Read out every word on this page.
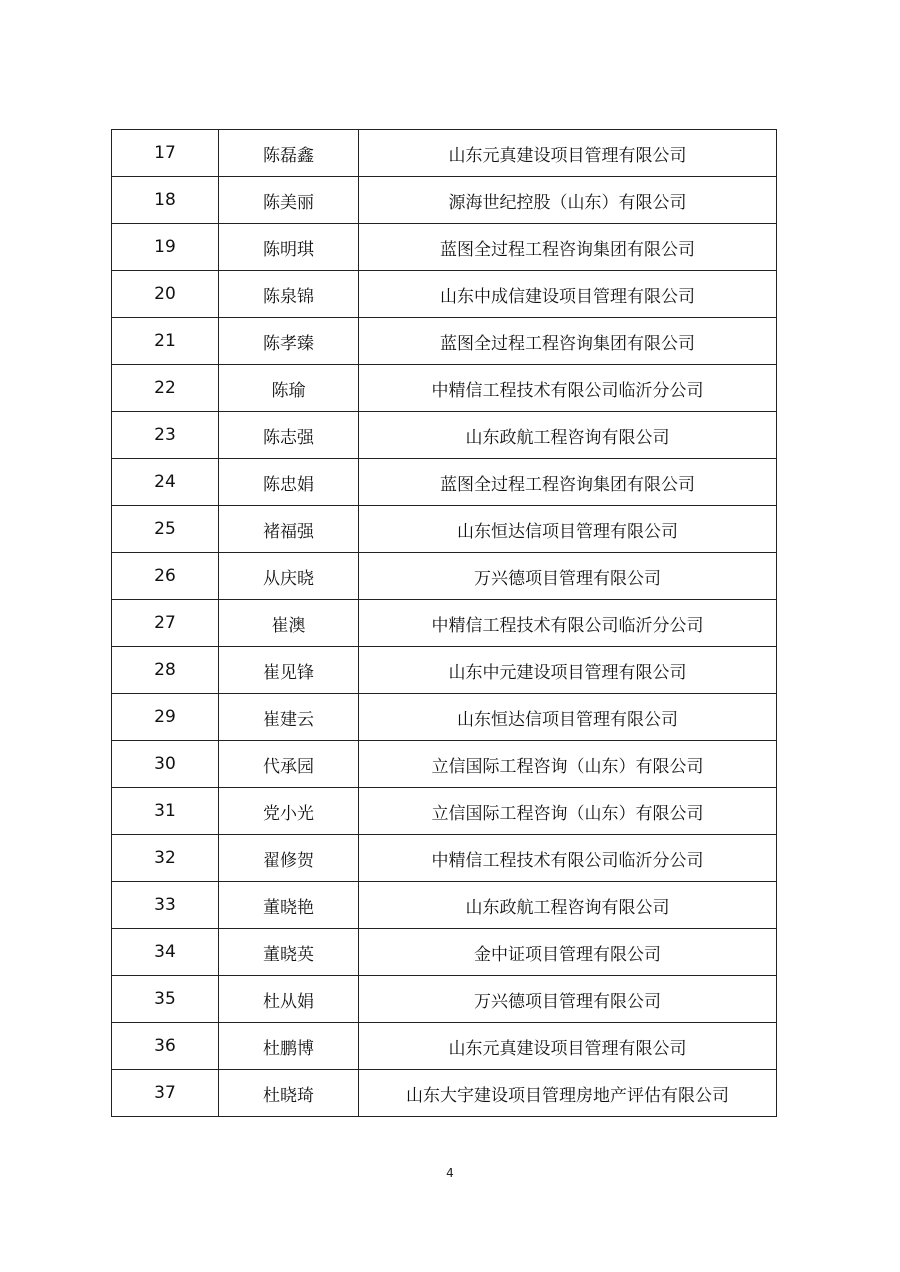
17	陈磊鑫	山东元真建设项目管理有限公司
18	陈美丽	源海世纪控股（山东）有限公司
19	陈明琪	蓝图全过程工程咨询集团有限公司
20	陈泉锦	山东中成信建设项目管理有限公司
21	陈孝臻	蓝图全过程工程咨询集团有限公司
22	陈瑜	中精信工程技术有限公司临沂分公司
23	陈志强	山东政航工程咨询有限公司
24	陈忠娟	蓝图全过程工程咨询集团有限公司
25	褚福强	山东恒达信项目管理有限公司
26	从庆晓	万兴德项目管理有限公司
27	崔澳	中精信工程技术有限公司临沂分公司
28	崔见锋	山东中元建设项目管理有限公司
29	崔建云	山东恒达信项目管理有限公司
30	代承园	立信国际工程咨询（山东）有限公司
31	党小光	立信国际工程咨询（山东）有限公司
32	翟修贺	中精信工程技术有限公司临沂分公司
33	董晓艳	山东政航工程咨询有限公司
34	董晓英	金中证项目管理有限公司
35	杜从娟	万兴德项目管理有限公司
36	杜鹏博	山东元真建设项目管理有限公司
37	杜晓琦	山东大宇建设项目管理房地产评估有限公司
4
